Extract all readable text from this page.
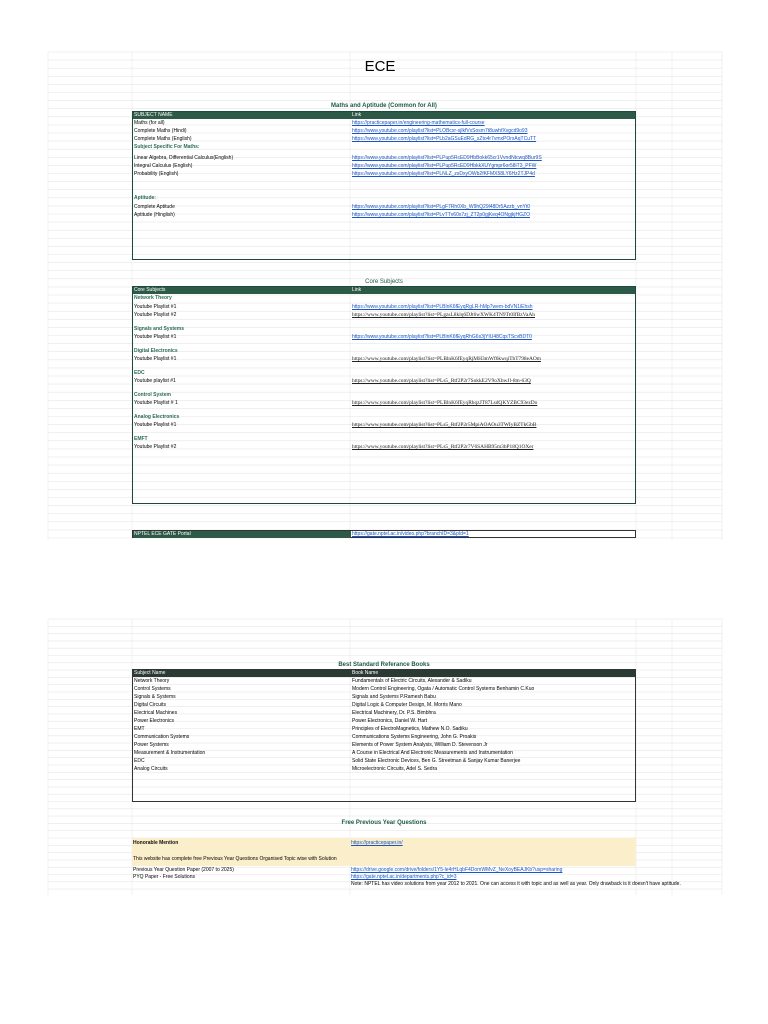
ECE
Maths and Aptitude (Common for All)
SUBJECT NAME	Link
Maths (for all)	https://practicepaper.in/engineering-mathematics-full-course
Complete Maths (Hindi)	https://www.youtube.com/playlist?list=PLOBcxr-sjlkfVxSosm7t8uwhfXvgcd9o93
Complete Maths (English)	https://www.youtube.com/playlist?list=PLb2aGSuEdRG_sZto4r7vmxPOrxAqTCuTT
Subject Specific For Maths:
Linear Algebra, Differential Calculus(English)	https://www.youtube.com/playlist?list=PLPup5RcED9HbBokk65cr1VvndNtcwq8Bur9S
Integral Calculus (English)	https://www.youtube.com/playlist?list=PLPup5RcED9HbkkXUYgmpr6or58iT3_PFW
Probability (English)	https://www.youtube.com/playlist?list=PLNLZ_zsDxyOWb2fKFMX58LY6Hz2TJP4d
Aptitude:
Complete Aptitude	https://www.youtube.com/playlist?list=PLgF7Rh0Xb_W9hQ29l48Dr5Azzb_vnYt0
Aptitude (Hinglish)	https://www.youtube.com/playlist?list=PLvTTv60x7zj_ZT2p0gjKeq4ONgjkjHGZO
Core Subjects
Core Subjects	Link
Network Theory
Youtube Playlist #1	https://www.youtube.com/playlist?list=PLBlnK6fEyqRgLR-hMp7wem-bdVN1iEhsh
Youtube Playlist #2	https://www.youtube.com/playlist?list=PLgzsL8klq6DJt6wXWK4TN9Tt0IfBzVaAh
Signals and Systems
Youtube Playlist #1	https://www.youtube.com/playlist?list=PLBlnK6fEyqRhG6s3jYIU48CqsTScvBDT0
Digital Electronics
Youtube Playlist #1	https://www.youtube.com/playlist?list=PLBlnK6fEyqRjMH3mWf6kwqiTbT798eAOm
EDC
Youtube playlist #1	https://www.youtube.com/playlist?list=PLs5_Rtf2P2r7SokkE2V9oXbwJl-8m-63Q
Control System
Youtube Playlist # 1	https://www.youtube.com/playlist?list=PLBlnK6fEyqRhqzJT87LsdQKYZBC93ezDo
Analog Electronics
Youtube Playlist #1	https://www.youtube.com/playlist?list=PLs5_Rtf2P2r5MpiAOAOu3TWIyBZTkGbB
EMFT
Youtube Playlist #2	https://www.youtube.com/playlist?list=PLs5_Rtf2P2r7V6SAHB95m3bP18Q1OXer
NPTEL ECE GATE Portal	https://gate.nptel.ac.in/video.php?branchID=3&pId=1
Best Standard Referance Books
Subject Name	Book Name
Network Theory	Fundamentals of Electric Circuits, Alexander & Sadiku
Control Systems	Modern Control Engineering, Ogata / Automatic Control Systems Benhamin C.Kuo
Signals & Systems	Signals and Systems P.Ramesh Babu
Digital Circuits	Digital Logic & Computer Design, M. Morris Mano
Electrical Machines	Electrical Machinery, Dr. P.S. Bimbhra
Power Electronics	Power Electronics, Daniel W. Hart
EMT	Principles of ElectroMagnetics, Mathew N.O. Sadiku
Communication Systems	Communications Systems Engineering, John G. Proakis
Power Systems	Elements of Power System Analysis, William D. Stevenson Jr
Measurement & Instrumentation	A Course in Electrical And Electronic Measurements and Instrumentation
EDC	Solid State Electronic Devices, Ben G. Streetman & Sanjay Kumar Banerjee
Analog Circuits	Microelectronic Circuits, Adel S. Sedra
Free Previous Year Questions
Honorable Mention	https://practicepaper.in/
This website has complete free Previous Year Questions Organised Topic wise with Solution
Previous Year Question Paper (2007 to 2025)	https://drive.google.com/drive/folders/1Y5-le4rHLqbF4DomWMvZ_NeXoyBEAJKb?usp=sharing
PYQ Paper - Free Solutions	https://gate.nptel.ac.in/departments.php?c_id=3
Note: NPTEL has video solutions from year 2012 to 2021. One can access it with topic and as well as year. Only drawback is it doesn't have aptitude.
